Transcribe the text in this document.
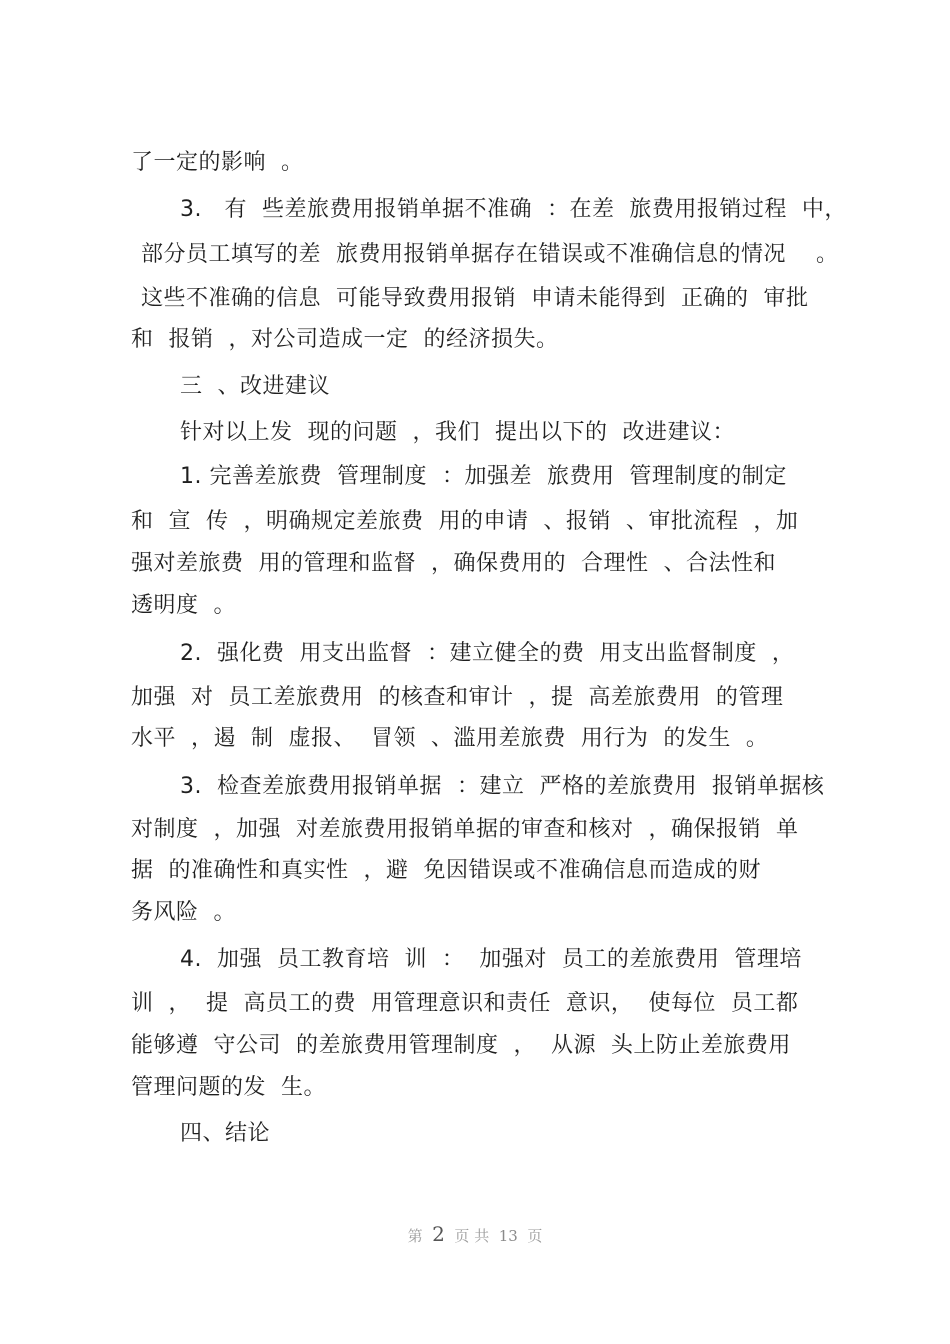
了一定的影响  。
3.   有  些差旅费用报销单据不准确  ：在差  旅费用报销过程  中，
部分员工填写的差  旅费用报销单据存在错误或不准确信息的情况    。
这些不准确的信息  可能导致费用报销  申请未能得到  正确的  审批
和  报销  ，对公司造成一定  的经济损失。
三  、改进建议
针对以上发  现的问题  ，我们  提出以下的  改进建议：
1. 完善差旅费  管理制度  ：加强差  旅费用  管理制度的制定
和  宣  传  ，明确规定差旅费  用的申请  、报销  、审批流程  ，加
强对差旅费  用的管理和监督  ，确保费用的  合理性  、合法性和
透明度  。
2.  强化费  用支出监督  ：建立健全的费  用支出监督制度  ，
加强  对  员工差旅费用  的核查和审计  ，提  高差旅费用  的管理
水平  ，遏  制  虚报、  冒领  、滥用差旅费  用行为  的发生  。
3.  检查差旅费用报销单据  ：建立  严格的差旅费用  报销单据核
对制度  ，加强  对差旅费用报销单据的审查和核对  ，确保报销  单
据  的准确性和真实性  ，避  免因错误或不准确信息而造成的财
务风险  。
4.  加强  员工教育培  训  ：  加强对  员工的差旅费用  管理培
训  ，  提  高员工的费  用管理意识和责任  意识，  使每位  员工都
能够遵  守公司  的差旅费用管理制度  ，  从源  头上防止差旅费用
管理问题的发  生。
四、结论
第  2  页 共  13  页
